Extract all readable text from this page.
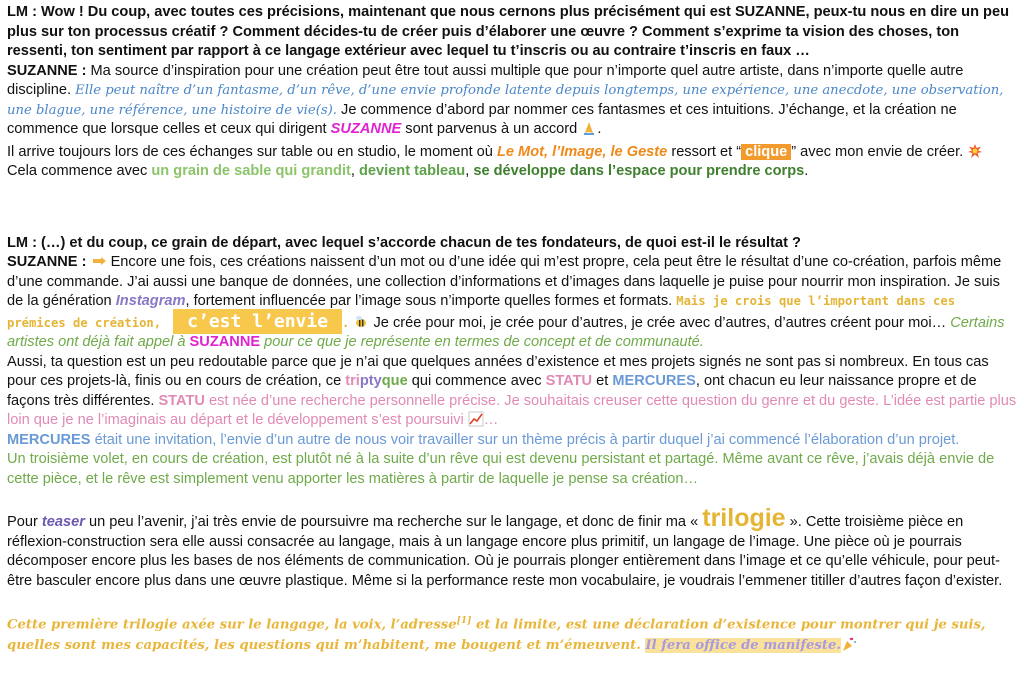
LM : Wow ! Du coup, avec toutes ces précisions, maintenant que nous cernons plus précisément qui est SUZANNE, peux-tu nous en dire un peu plus sur ton processus créatif ? Comment décides-tu de créer puis d’élaborer une œuvre ? Comment s’exprime ta vision des choses, ton ressenti, ton sentiment par rapport à ce langage extérieur avec lequel tu t’inscris ou au contraire t’inscris en faux …

SUZANNE : Ma source d’inspiration pour une création peut être tout aussi multiple que pour n’importe quel autre artiste, dans n’importe quelle autre discipline. Elle peut naître d’un fantasme, d’un rêve, d’une envie profonde latente depuis longtemps, une expérience, une anecdote, une observation, une blague, une référence, une histoire de vie(s). Je commence d’abord par nommer ces fantasmes et ces intuitions. J’échange, et la création ne commence que lorsque celles et ceux qui dirigent SUZANNE sont parvenus à un accord .

Il arrive toujours lors de ces échanges sur table ou en studio, le moment où Le Mot, l’Image, le Geste ressort et “ clique ” avec mon envie de créer.  Cela commence avec un grain de sable qui grandit, devient tableau, se développe dans l’espace pour prendre corps.

LM : (…) et du coup, ce grain de départ, avec lequel s’accorde chacun de tes fondateurs, de quoi est-il le résultat ?

SUZANNE :  Encore une fois, ces créations naissent d’un mot ou d’une idée qui m’est propre, cela peut être le résultat d’une co-création, parfois même d’une commande. J’ai aussi une banque de données, une collection d’informations et d’images dans laquelle je puise pour nourrir mon inspiration. Je suis de la génération Instagram, fortement influencée par l’image sous n’importe quelles formes et formats. Mais je crois que l’important dans ces prémices de création, c’est l’envie .  Je crée pour moi, je crée pour d’autres, je crée avec d’autres, d’autres créent pour moi… Certains artistes ont déjà fait appel à SUZANNE pour ce que je représente en termes de concept et de communauté.

Aussi, ta question est un peu redoutable parce que je n’ai que quelques années d’existence et mes projets signés ne sont pas si nombreux. En tous cas pour ces projets-là, finis ou en cours de création, ce triptyque qui commence avec STATU et MERCURES, ont chacun eu leur naissance propre et de façons très différentes. STATU est née d’une recherche personnelle précise. Je souhaitais creuser cette question du genre et du geste. L’idée est partie plus loin que je ne l’imaginais au départ et le développement s’est poursuivi …
MERCURES était une invitation, l’envie d’un autre de nous voir travailler sur un thème précis à partir duquel j’ai commencé l’élaboration d’un projet.
Un troisième volet, en cours de création, est plutôt né à la suite d’un rêve qui est devenu persistant et partagé. Même avant ce rêve, j’avais déjà envie de cette pièce, et le rêve est simplement venu apporter les matières à partir de laquelle je pense sa création…

Pour teaser un peu l’avenir, j’ai très envie de poursuivre ma recherche sur le langage, et donc de finir ma « trilogie ». Cette troisième pièce en réflexion-construction sera elle aussi consacrée au langage, mais à un langage encore plus primitif, un langage de l’image. Une pièce où je pourrais décomposer encore plus les bases de nos éléments de communication. Où je pourrais plonger entièrement dans l’image et ce qu’elle véhicule, pour peut-être basculer encore plus dans une œuvre plastique. Même si la performance reste mon vocabulaire, je voudrais l’emmener titiller d’autres façon d’exister.

Cette première trilogie axée sur le langage, la voix, l’adresse[1] et la limite, est une déclaration d’existence pour montrer qui je suis, quelles sont mes capacités, les questions qui m’habitent, me bougent et m’émeuvent. Il fera office de manifeste.
